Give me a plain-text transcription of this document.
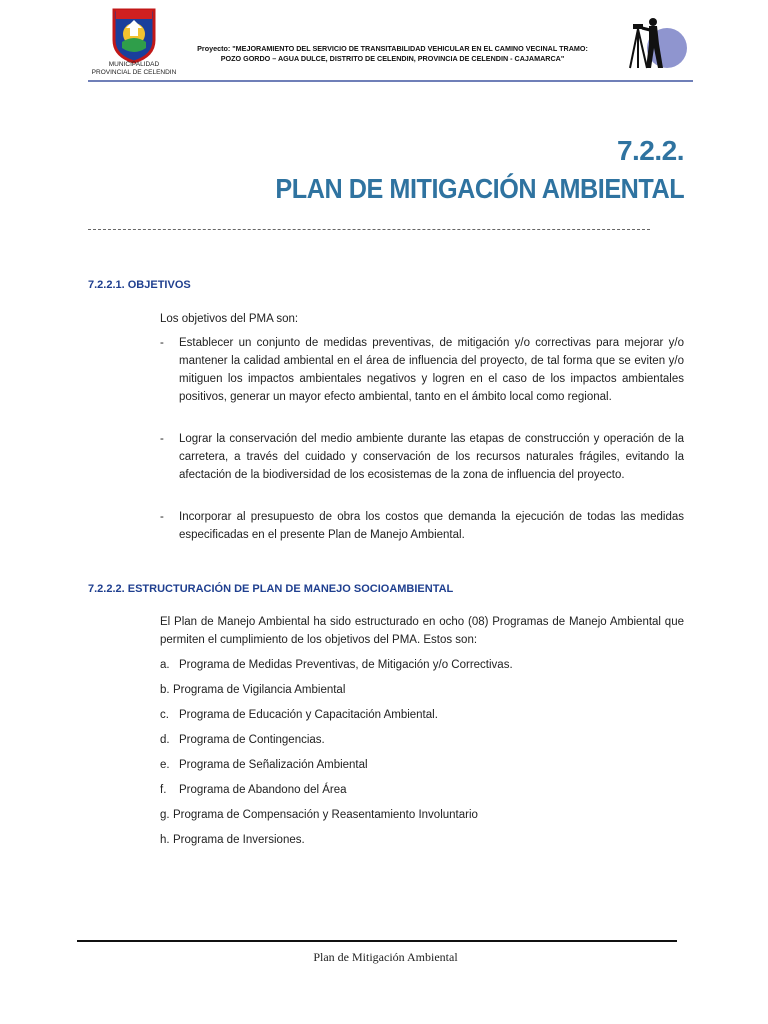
MUNICIPALIDAD
PROVINCIAL DE CELENDIN
Proyecto: "MEJORAMIENTO DEL SERVICIO DE TRANSITABILIDAD VEHICULAR EN EL CAMINO VECINAL TRAMO:
POZO GORDO – AGUA DULCE, DISTRITO DE CELENDIN, PROVINCIA DE CELENDIN - CAJAMARCA"
7.2.2.
PLAN DE MITIGACIÓN AMBIENTAL
7.2.2.1. OBJETIVOS
Los objetivos del PMA son:
- Establecer un conjunto de medidas preventivas, de mitigación y/o correctivas para mejorar y/o mantener la calidad ambiental en el área de influencia del proyecto, de tal forma que se eviten y/o mitiguen los impactos ambientales negativos y logren en el caso de los impactos ambientales positivos, generar un mayor efecto ambiental, tanto en el ámbito local como regional.
- Lograr la conservación del medio ambiente durante las etapas de construcción y operación de la carretera, a través del cuidado y conservación de los recursos naturales frágiles, evitando la afectación de la biodiversidad de los ecosistemas de la zona de influencia del proyecto.
- Incorporar al presupuesto de obra los costos que demanda la ejecución de todas las medidas especificadas en el presente Plan de Manejo Ambiental.
7.2.2.2. ESTRUCTURACIÓN DE PLAN DE MANEJO SOCIOAMBIENTAL
El Plan de Manejo Ambiental ha sido estructurado en ocho (08) Programas de Manejo Ambiental que permiten el cumplimiento de los objetivos del PMA. Estos son:
a. Programa de Medidas Preventivas, de Mitigación y/o Correctivas.
b. Programa de Vigilancia Ambiental
c. Programa de Educación y Capacitación Ambiental.
d. Programa de Contingencias.
e. Programa de Señalización Ambiental
f. Programa de Abandono del Área
g. Programa de Compensación y Reasentamiento Involuntario
h. Programa de Inversiones.
Plan de Mitigación Ambiental
